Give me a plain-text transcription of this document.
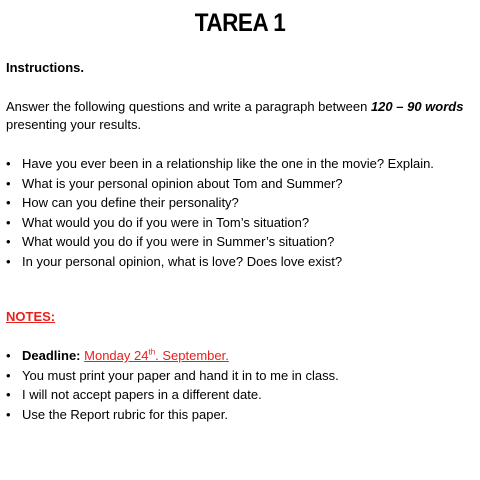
TAREA 1
Instructions.
Answer the following questions and write a paragraph between 120 – 90 words presenting your results.
• Have you ever been in a relationship like the one in the movie? Explain.
• What is your personal opinion about Tom and Summer?
• How can you define their personality?
• What would you do if you were in Tom’s situation?
• What would you do if you were in Summer’s situation?
• In your personal opinion, what is love? Does love exist?
NOTES:
• Deadline: Monday 24th. September.
• You must print your paper and hand it in to me in class.
• I will not accept papers in a different date.
• Use the Report rubric for this paper.
